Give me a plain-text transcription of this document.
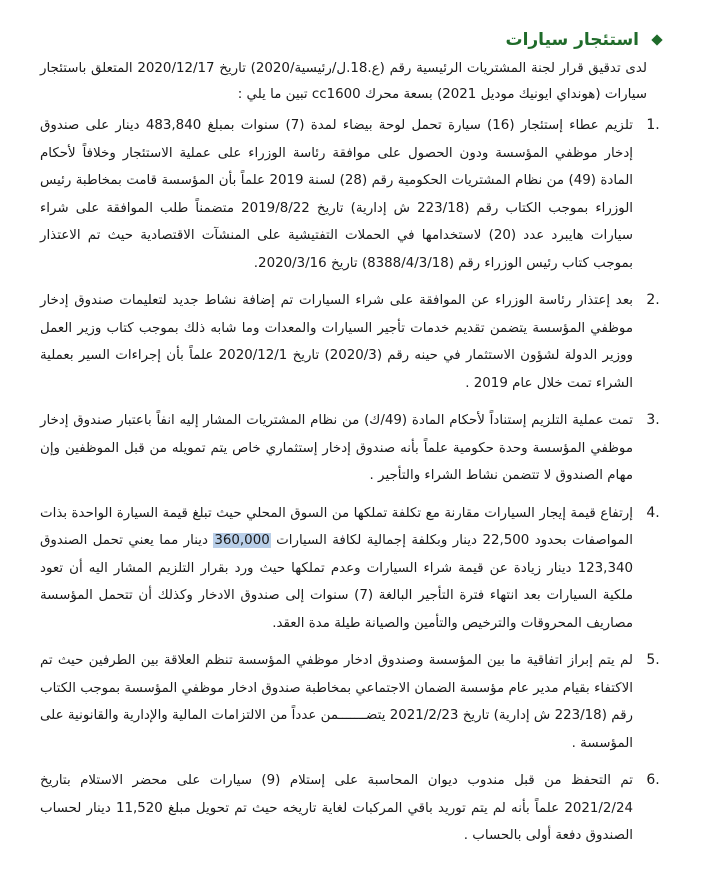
استئجار سيارات

لدى تدقيق قرار لجنة المشتريات الرئيسية رقم (ع.18.ل/رئيسية/2020) تاريخ 2020/12/17 المتعلق باستئجار سيارات (هونداي ايونيك موديل 2021) بسعة محرك cc1600 تبين ما يلي :

1.
تلزيم عطاء إستئجار (16) سيارة تحمل لوحة بيضاء لمدة (7) سنوات بمبلغ 483,840 دينار على صندوق إدخار موظفي المؤسسة ودون الحصول على موافقة رئاسة الوزراء على عملية الاستئجار وخلافاً لأحكام المادة (49) من نظام المشتريات الحكومية رقم (28) لسنة 2019 علماً بأن المؤسسة قامت بمخاطبة رئيس الوزراء بموجب الكتاب رقم (223/18 ش إدارية) تاريخ 2019/8/22 متضمناً طلب الموافقة على شراء سيارات هايبرد عدد (20) لاستخدامها في الحملات التفتيشية على المنشآت الاقتصادية حيث تم الاعتذار بموجب كتاب رئيس الوزراء رقم (8388/4/3/18) تاريخ 2020/3/16.
2.
بعد إعتذار رئاسة الوزراء عن الموافقة على شراء السيارات تم إضافة نشاط جديد لتعليمات صندوق إدخار موظفي المؤسسة يتضمن تقديم خدمات تأجير السيارات والمعدات وما شابه ذلك بموجب كتاب وزير العمل ووزير الدولة لشؤون الاستثمار في حينه رقم (2020/3) تاريخ 2020/12/1 علماً بأن إجراءات السير بعملية الشراء تمت خلال عام 2019 .
3.
تمت عملية التلزيم إستناداً لأحكام المادة (49/ك) من نظام المشتريات المشار إليه انفاً باعتبار صندوق إدخار موظفي المؤسسة وحدة حكومية علماً بأنه صندوق إدخار إستثماري خاص يتم تمويله من قبل الموظفين وإن مهام الصندوق لا تتضمن نشاط الشراء والتأجير .
4.
إرتفاع قيمة إيجار السيارات مقارنة مع تكلفة تملكها من السوق المحلي حيث تبلغ قيمة السيارة الواحدة بذات المواصفات بحدود 22,500 دينار وبكلفة إجمالية لكافة السيارات 360,000 دينار مما يعني تحمل الصندوق 123,340 دينار زيادة عن قيمة شراء السيارات وعدم تملكها حيث ورد بقرار التلزيم المشار اليه أن تعود ملكية السيارات بعد انتهاء فترة التأجير البالغة (7) سنوات إلى صندوق الادخار وكذلك أن تتحمل المؤسسة مصاريف المحروقات والترخيص والتأمين والصيانة طيلة مدة العقد.
5.
لم يتم إبراز اتفاقية ما بين المؤسسة وصندوق ادخار موظفي المؤسسة تنظم العلاقة بين الطرفين حيث تم الاكتفاء بقيام مدير عام مؤسسة الضمان الاجتماعي بمخاطبة صندوق ادخار موظفي المؤسسة بموجب الكتاب رقم (223/18 ش إدارية) تاريخ 2021/2/23 يتضـــــــمن عدداً من الالتزامات المالية والإدارية والقانونية على المؤسسة .
6.
تم التحفظ من قبل مندوب ديوان المحاسبة على إستلام (9) سيارات على محضر الاستلام بتاريخ 2021/2/24 علماً بأنه لم يتم توريد باقي المركبات لغاية تاريخه حيث تم تحويل مبلغ 11,520 دينار لحساب الصندوق دفعة أولى بالحساب .
